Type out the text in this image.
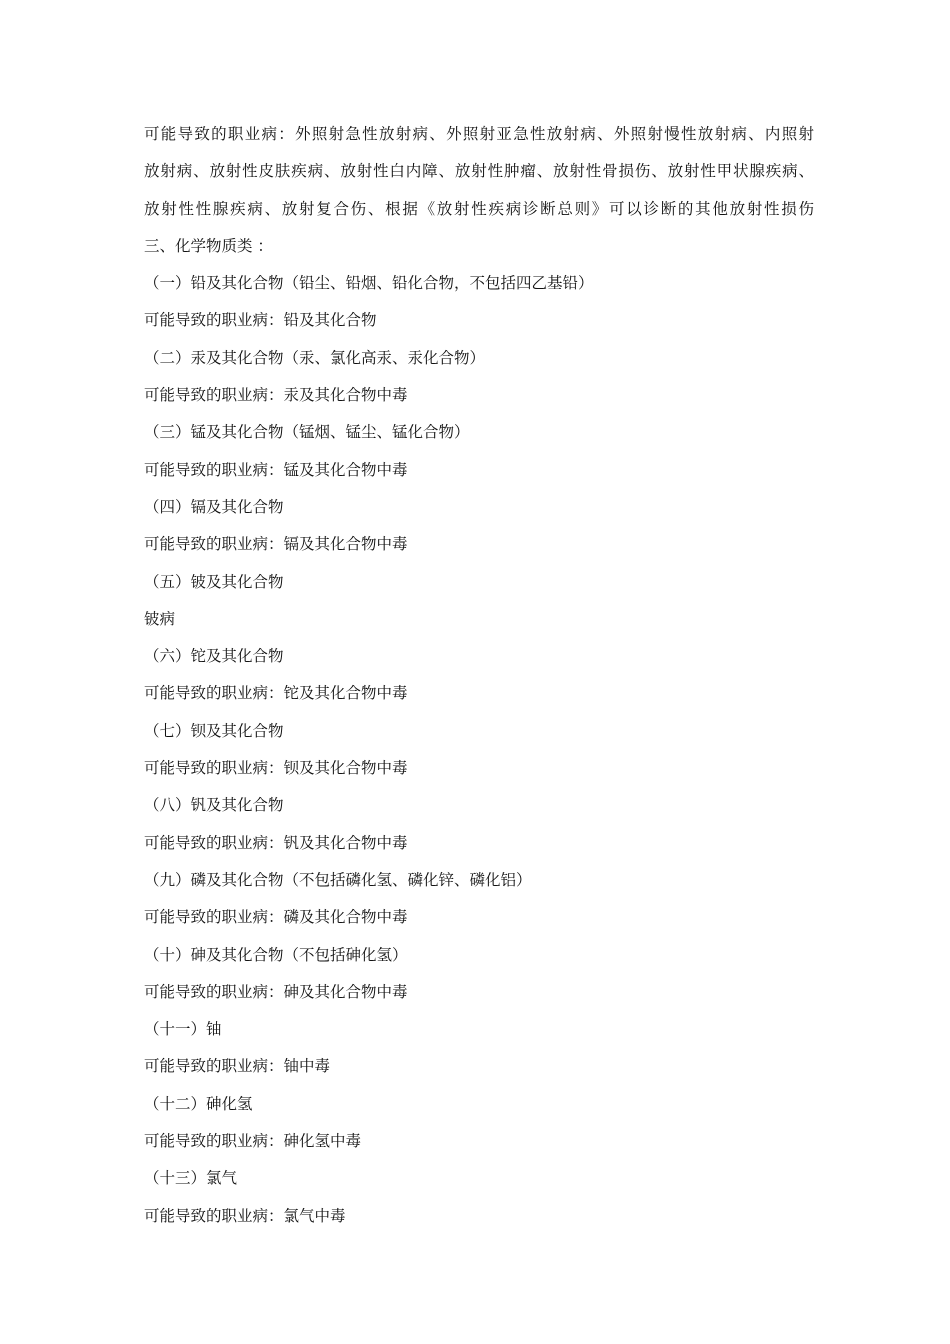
可能导致的职业病：外照射急性放射病、外照射亚急性放射病、外照射慢性放射病、内照射
放射病、放射性皮肤疾病、放射性白内障、放射性肿瘤、放射性骨损伤、放射性甲状腺疾病、
放射性性腺疾病、放射复合伤、根据《放射性疾病诊断总则》可以诊断的其他放射性损伤
三、化学物质类 ：
（一）铅及其化合物（铅尘、铅烟、铅化合物，不包括四乙基铅）
可能导致的职业病：铅及其化合物
（二）汞及其化合物（汞、氯化高汞、汞化合物）
可能导致的职业病：汞及其化合物中毒
（三）锰及其化合物（锰烟、锰尘、锰化合物）
可能导致的职业病：锰及其化合物中毒
（四）镉及其化合物
可能导致的职业病：镉及其化合物中毒
（五）铍及其化合物
铍病
（六）铊及其化合物
可能导致的职业病：铊及其化合物中毒
（七）钡及其化合物
可能导致的职业病：钡及其化合物中毒
（八）钒及其化合物
可能导致的职业病：钒及其化合物中毒
（九）磷及其化合物（不包括磷化氢、磷化锌、磷化铝）
可能导致的职业病：磷及其化合物中毒
（十）砷及其化合物（不包括砷化氢）
可能导致的职业病：砷及其化合物中毒
（十一）铀
可能导致的职业病：铀中毒
（十二）砷化氢
可能导致的职业病：砷化氢中毒
（十三）氯气
可能导致的职业病：氯气中毒
